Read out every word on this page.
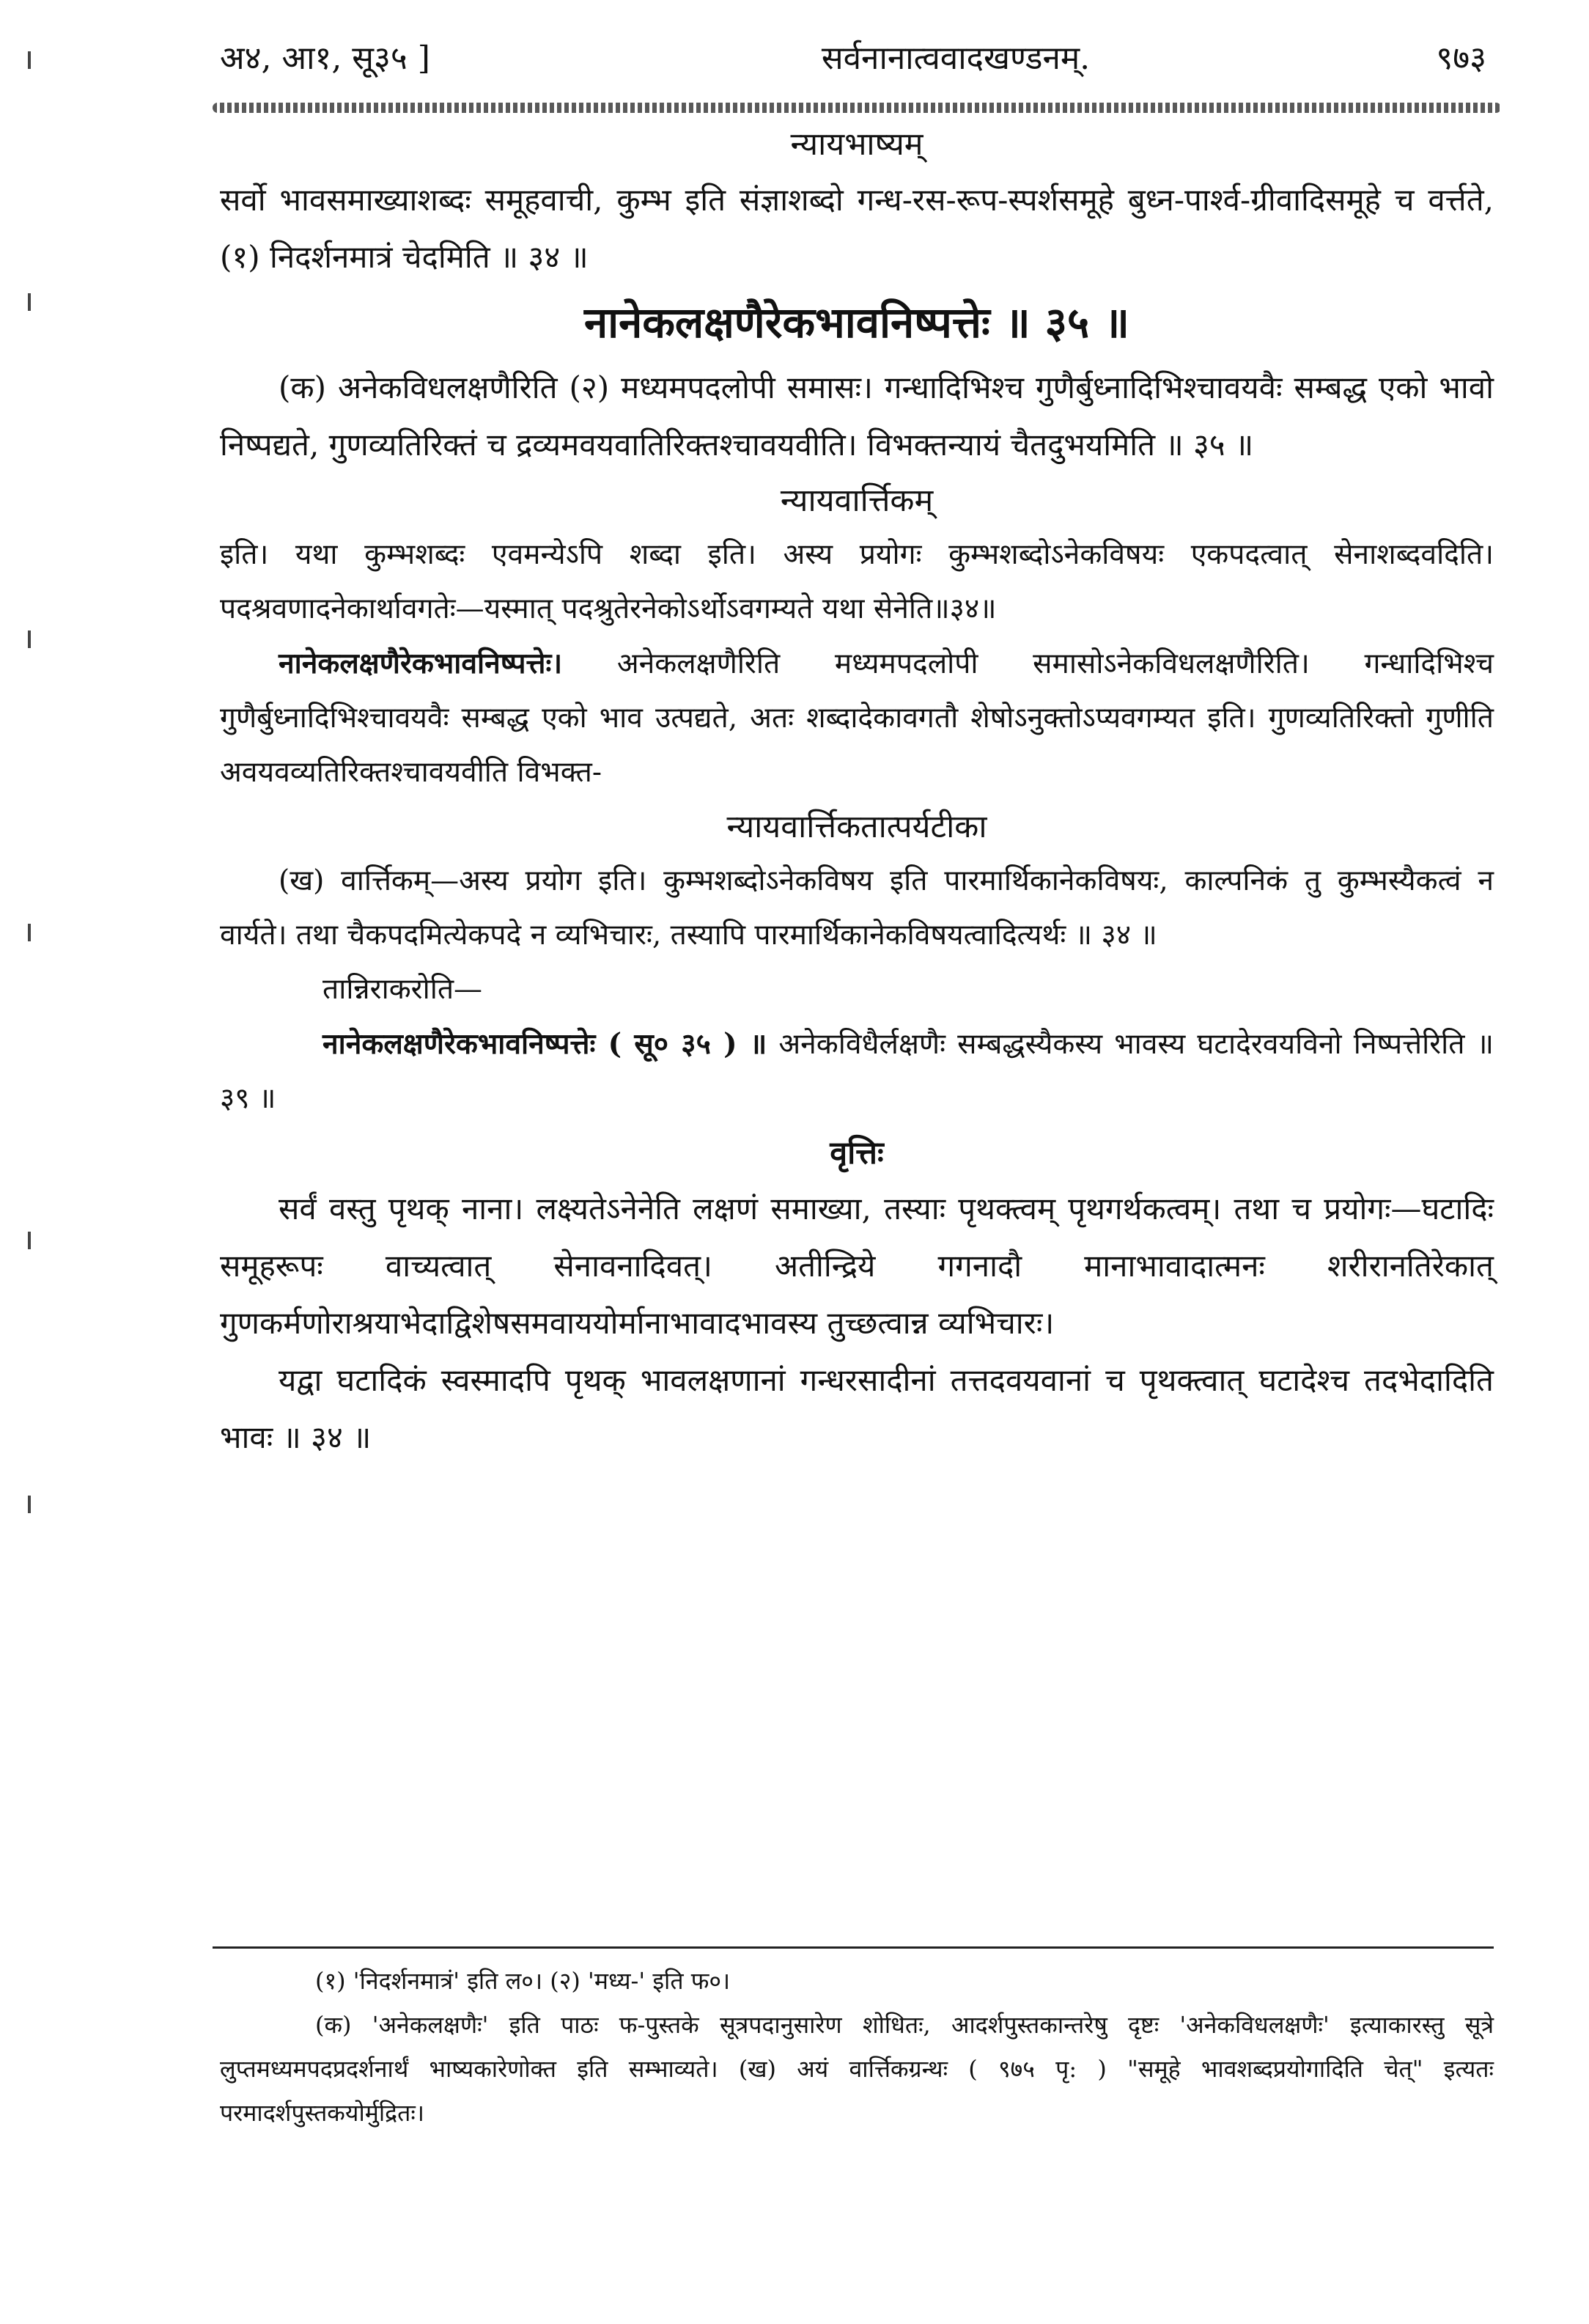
अ४, आ१, सू३५ ]	सर्वनानात्ववादखण्डनम्.	९७३
न्यायभाष्यम्

सर्वो भावसमाख्याशब्दः समूहवाची, कुम्भ इति संज्ञाशब्दो गन्ध-रस-रूप-स्पर्शसमूहे बुध्न-पार्श्व-ग्रीवादिसमूहे च वर्त्तते, (१) निदर्शनमात्रं चेदमिति ॥ ३४ ॥

नानेकलक्षणैरेकभावनिष्पत्तेः ॥ ३५ ॥

(क) अनेकविधलक्षणैरिति (२) मध्यमपदलोपी समासः। गन्धादिभिश्च गुणैर्बुध्नादिभिश्चावयवैः सम्बद्ध एको भावो निष्पद्यते, गुणव्यतिरिक्तं च द्रव्यमवयवातिरिक्तश्चावयवीति। विभक्तन्यायं चैतदुभयमिति ॥ ३५ ॥

न्यायवार्त्तिकम्

इति। यथा कुम्भशब्दः एवमन्येऽपि शब्दा इति। अस्य प्रयोगः कुम्भशब्दोऽनेकविषयः एकपदत्वात् सेनाशब्दवदिति। पदश्रवणादनेकार्थावगतेः—यस्मात् पदश्रुतेरनेकोऽर्थोऽवगम्यते यथा सेनेति॥३४॥

नानेकलक्षणैरेकभावनिष्पत्तेः। अनेकलक्षणैरिति मध्यमपदलोपी समासोऽनेकविधलक्षणैरिति। गन्धादिभिश्च गुणैर्बुध्नादिभिश्चावयवैः सम्बद्ध एको भाव उत्पद्यते, अतः शब्दादेकावगतौ शेषोऽनुक्तोऽप्यवगम्यत इति। गुणव्यतिरिक्तो गुणीति अवयवव्यतिरिक्तश्चावयवीति विभक्त-

न्यायवार्त्तिकतात्पर्यटीका

(ख) वार्त्तिकम्—अस्य प्रयोग इति। कुम्भशब्दोऽनेकविषय इति पारमार्थिकानेकविषयः, काल्पनिकं तु कुम्भस्यैकत्वं न वार्यते। तथा चैकपदमित्येकपदे न व्यभिचारः, तस्यापि पारमार्थिकानेकविषयत्वादित्यर्थः ॥ ३४ ॥

तान्निराकरोति—

नानेकलक्षणैरेकभावनिष्पत्तेः ( सू० ३५ ) ॥ अनेकविधैर्लक्षणैः सम्बद्धस्यैकस्य भावस्य घटादेरवयविनो निष्पत्तेरिति ॥ ३९ ॥

वृत्तिः

सर्वं वस्तु पृथक् नाना। लक्ष्यतेऽनेनेति लक्षणं समाख्या, तस्याः पृथक्त्वम् पृथगर्थकत्वम्। तथा च प्रयोगः—घटादिः समूहरूपः वाच्यत्वात् सेनावनादिवत्। अतीन्द्रिये गगनादौ मानाभावादात्मनः शरीरानतिरेकात् गुणकर्मणोराश्रयाभेदाद्विशेषसमवाययोर्मानाभावादभावस्य तुच्छत्वान्न व्यभिचारः।

यद्वा घटादिकं स्वस्मादपि पृथक् भावलक्षणानां गन्धरसादीनां तत्तदवयवानां च पृथक्त्वात् घटादेश्च तदभेदादिति भावः ॥ ३४ ॥

(१) 'निदर्शनमात्रं' इति ल०। (२) 'मध्य-' इति फ०।

(क) 'अनेकलक्षणैः' इति पाठः फ-पुस्तके सूत्रपदानुसारेण शोधितः, आदर्शपुस्तकान्तरेषु दृष्टः 'अनेकविधलक्षणैः' इत्याकारस्तु सूत्रे लुप्तमध्यमपदप्रदर्शनार्थं भाष्यकारेणोक्त इति सम्भाव्यते। (ख) अयं वार्त्तिकग्रन्थः ( ९७५ पृ: ) "समूहे भावशब्दप्रयोगादिति चेत्" इत्यतः परमादर्शपुस्तकयोर्मुद्रितः।
